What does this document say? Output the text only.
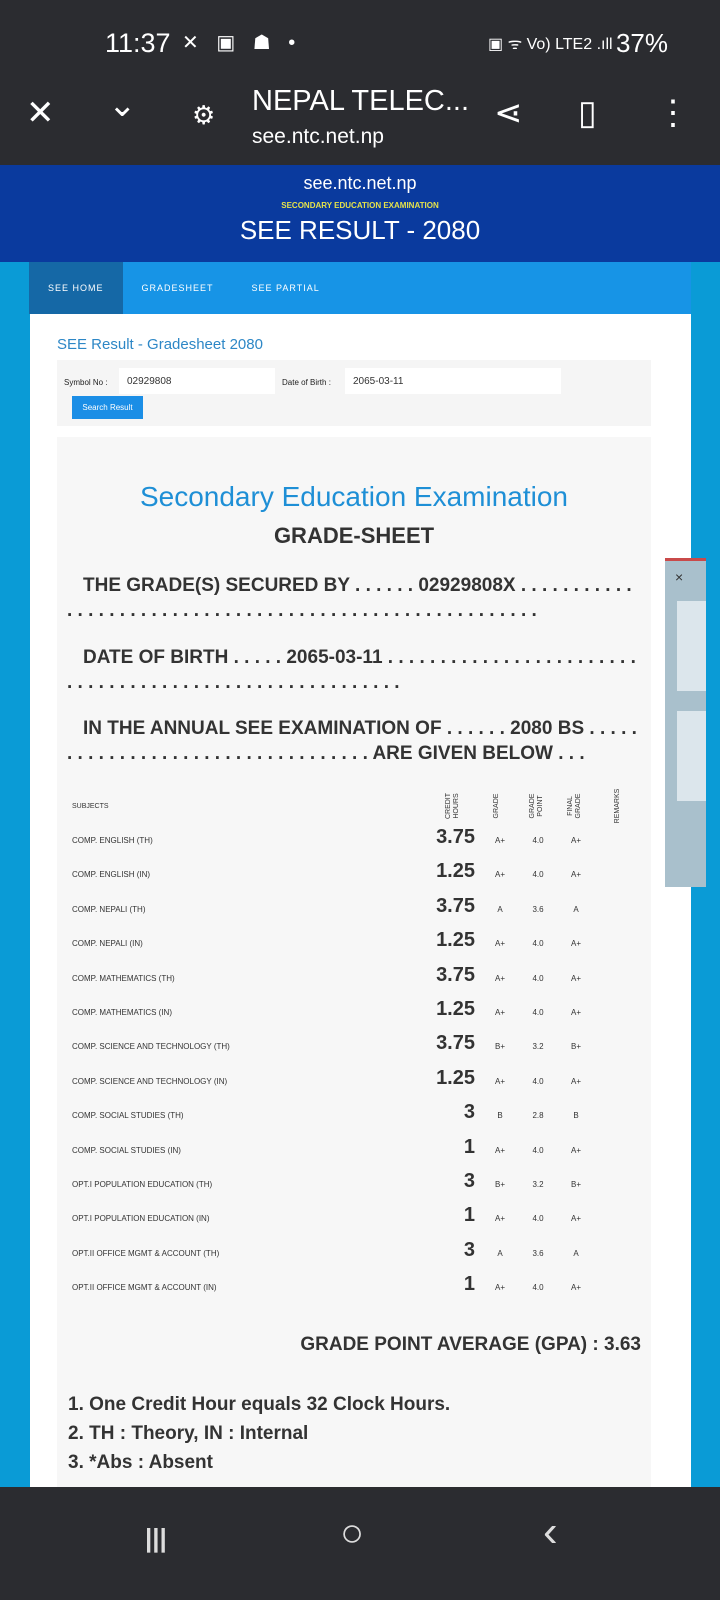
11:37 ✕ ▣ ☗ •	▣ ᯤ Vo) LTE2 .ıll 37%
✕ ⌄ ⚙ NEPAL TELEC...
see.ntc.net.np
⋖ ▯ ⋮
see.ntc.net.np
SECONDARY EDUCATION EXAMINATION
SEE RESULT - 2080
SEE HOME	GRADESHEET	SEE PARTIAL
SEE Result - Gradesheet 2080
Symbol No :
02929808	Date of Birth :
2065-03-11
Search Result
Secondary Education Examination
GRADE-SHEET
THE GRADE(S) SECURED BY . . . . . . 02929808X . . . . . . . . . . . . . . . . . . . . . . . . . . . . . . . . . . . . . . . . . . . . . . . . . . . . . . . .
DATE OF BIRTH . . . . . 2065-03-11 . . . . . . . . . . . . . . . . . . . . . . . . . . . . . . . . . . . . . . . . . . . . . . . . . . . . . . . .
IN THE ANNUAL SEE EXAMINATION OF . . . . . . 2080 BS . . . . . . . . . . . . . . . . . . . . . . . . . . . . . . . . . . ARE GIVEN BELOW . . .
SUBJECTS	CREDIT HOURS	GRADE	GRADE POINT	FINAL GRADE	REMARKS
COMP. ENGLISH (TH)	3.75	A+	4.0	A+
COMP. ENGLISH (IN)	1.25	A+	4.0	A+
COMP. NEPALI (TH)	3.75	A	3.6	A
COMP. NEPALI (IN)	1.25	A+	4.0	A+
COMP. MATHEMATICS (TH)	3.75	A+	4.0	A+
COMP. MATHEMATICS (IN)	1.25	A+	4.0	A+
COMP. SCIENCE AND TECHNOLOGY (TH)	3.75	B+	3.2	B+
COMP. SCIENCE AND TECHNOLOGY (IN)	1.25	A+	4.0	A+
COMP. SOCIAL STUDIES (TH)	3	B	2.8	B
COMP. SOCIAL STUDIES (IN)	1	A+	4.0	A+
OPT.I POPULATION EDUCATION (TH)	3	B+	3.2	B+
OPT.I POPULATION EDUCATION (IN)	1	A+	4.0	A+
OPT.II OFFICE MGMT & ACCOUNT (TH)	3	A	3.6	A
OPT.II OFFICE MGMT & ACCOUNT (IN)	1	A+	4.0	A+
GRADE POINT AVERAGE (GPA) : 3.63
1. One Credit Hour equals 32 Clock Hours.
2. TH : Theory, IN : Internal
3. *Abs : Absent
×
|||	○	‹
